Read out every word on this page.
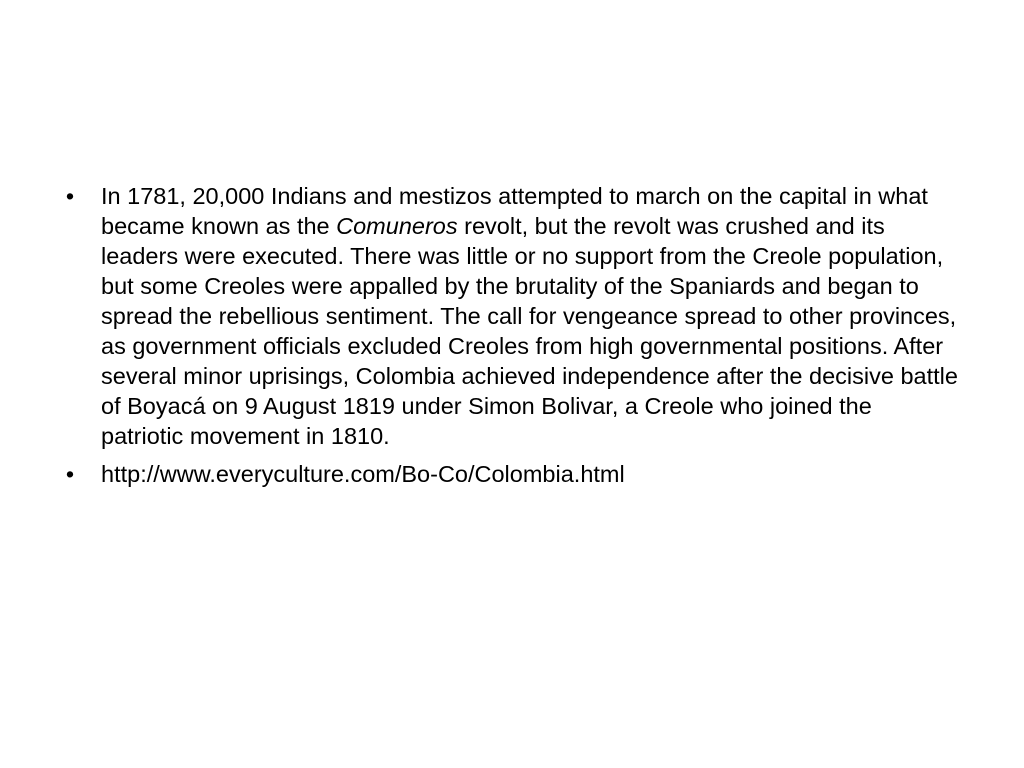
• In 1781, 20,000 Indians and mestizos attempted to march on the capital in what became known as the Comuneros revolt, but the revolt was crushed and its leaders were executed. There was little or no support from the Creole population, but some Creoles were appalled by the brutality of the Spaniards and began to spread the rebellious sentiment. The call for vengeance spread to other provinces, as government officials excluded Creoles from high governmental positions. After several minor uprisings, Colombia achieved independence after the decisive battle of Boyacá on 9 August 1819 under Simon Bolivar, a Creole who joined the patriotic movement in 1810.
• http://www.everyculture.com/Bo-Co/Colombia.html
